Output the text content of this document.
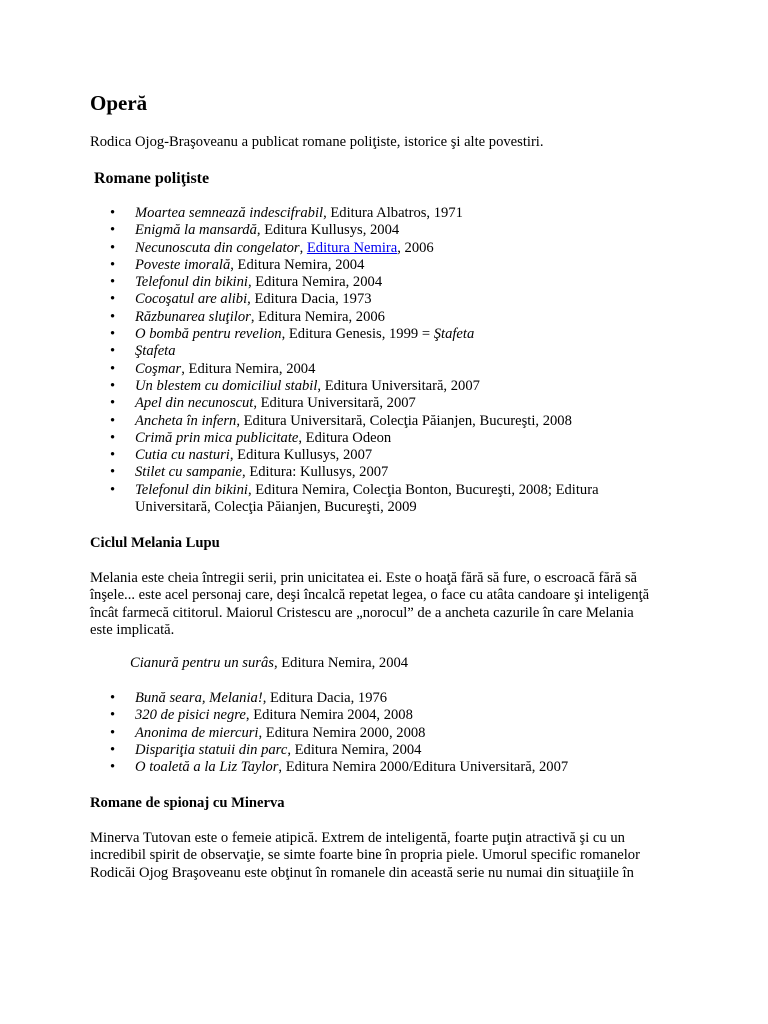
Operă
Rodica Ojog-Braşoveanu a publicat romane poliţiste, istorice şi alte povestiri.
Romane poliţiste
• Moartea semnează indescifrabil, Editura Albatros, 1971
• Enigmă la mansardă, Editura Kullusys, 2004
• Necunoscuta din congelator, Editura Nemira, 2006
• Poveste imorală, Editura Nemira, 2004
• Telefonul din bikini, Editura Nemira, 2004
• Cocoşatul are alibi, Editura Dacia, 1973
• Răzbunarea sluţilor, Editura Nemira, 2006
• O bombă pentru revelion, Editura Genesis, 1999 = Ştafeta
• Ştafeta
• Coşmar, Editura Nemira, 2004
• Un blestem cu domiciliul stabil, Editura Universitară, 2007
• Apel din necunoscut, Editura Universitară, 2007
• Ancheta în infern, Editura Universitară, Colecţia Păianjen, Bucureşti, 2008
• Crimă prin mica publicitate, Editura Odeon
• Cutia cu nasturi, Editura Kullusys, 2007
• Stilet cu sampanie, Editura: Kullusys, 2007
• Telefonul din bikini, Editura Nemira, Colecţia Bonton, Bucureşti, 2008; Editura Universitară, Colecţia Păianjen, Bucureşti, 2009
Ciclul Melania Lupu
Melania este cheia întregii serii, prin unicitatea ei. Este o hoaţă fără să fure, o escroacă fără să înşele... este acel personaj care, deşi încalcă repetat legea, o face cu atâta candoare şi inteligenţă încât farmecă cititorul. Maiorul Cristescu are „norocul” de a ancheta cazurile în care Melania este implicată.
Cianură pentru un surâs, Editura Nemira, 2004
• Bună seara, Melania!, Editura Dacia, 1976
• 320 de pisici negre, Editura Nemira 2004, 2008
• Anonima de miercuri, Editura Nemira 2000, 2008
• Dispariţia statuii din parc, Editura Nemira, 2004
• O toaletă a la Liz Taylor, Editura Nemira 2000/Editura Universitară, 2007
Romane de spionaj cu Minerva
Minerva Tutovan este o femeie atipică. Extrem de inteligentă, foarte puţin atractivă şi cu un incredibil spirit de observaţie, se simte foarte bine în propria piele. Umorul specific romanelor Rodicăi Ojog Braşoveanu este obţinut în romanele din această serie nu numai din situaţiile în
